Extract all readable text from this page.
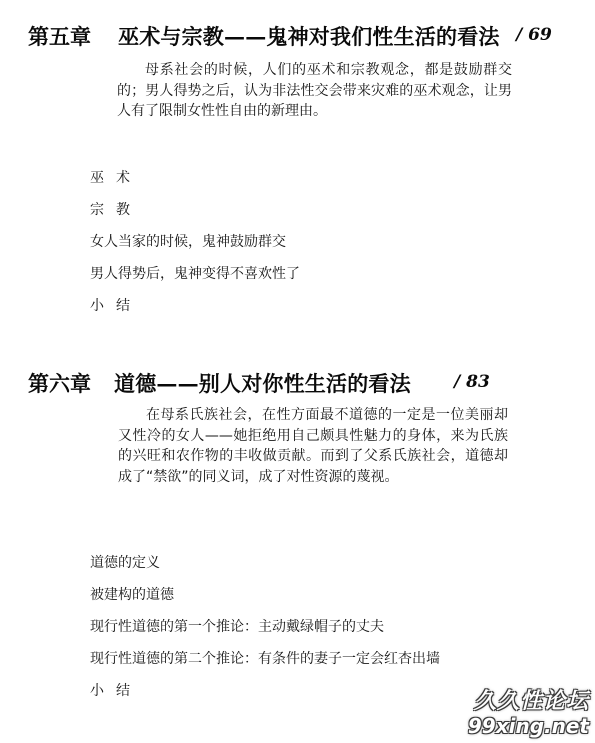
第五章 巫术与宗教——鬼神对我们性生活的看法 / 69

母系社会的时候，人们的巫术和宗教观念，都是鼓励群交的；男人得势之后，认为非法性交会带来灾难的巫术观念，让男人有了限制女性性自由的新理由。

巫术
宗教
女人当家的时候，鬼神鼓励群交
男人得势后，鬼神变得不喜欢性了
小结
第六章 道德——别人对你性生活的看法	/ 83

在母系氏族社会，在性方面最不道德的一定是一位美丽却又性冷的女人——她拒绝用自己颇具性魅力的身体，来为氏族的兴旺和农作物的丰收做贡献。而到了父系氏族社会，道德却成了“禁欲”的同义词，成了对性资源的蔑视。

道德的定义
被建构的道德
现行性道德的第一个推论：主动戴绿帽子的丈夫
现行性道德的第二个推论：有条件的妻子一定会红杏出墙
小结	久久性论坛
99xing.net
